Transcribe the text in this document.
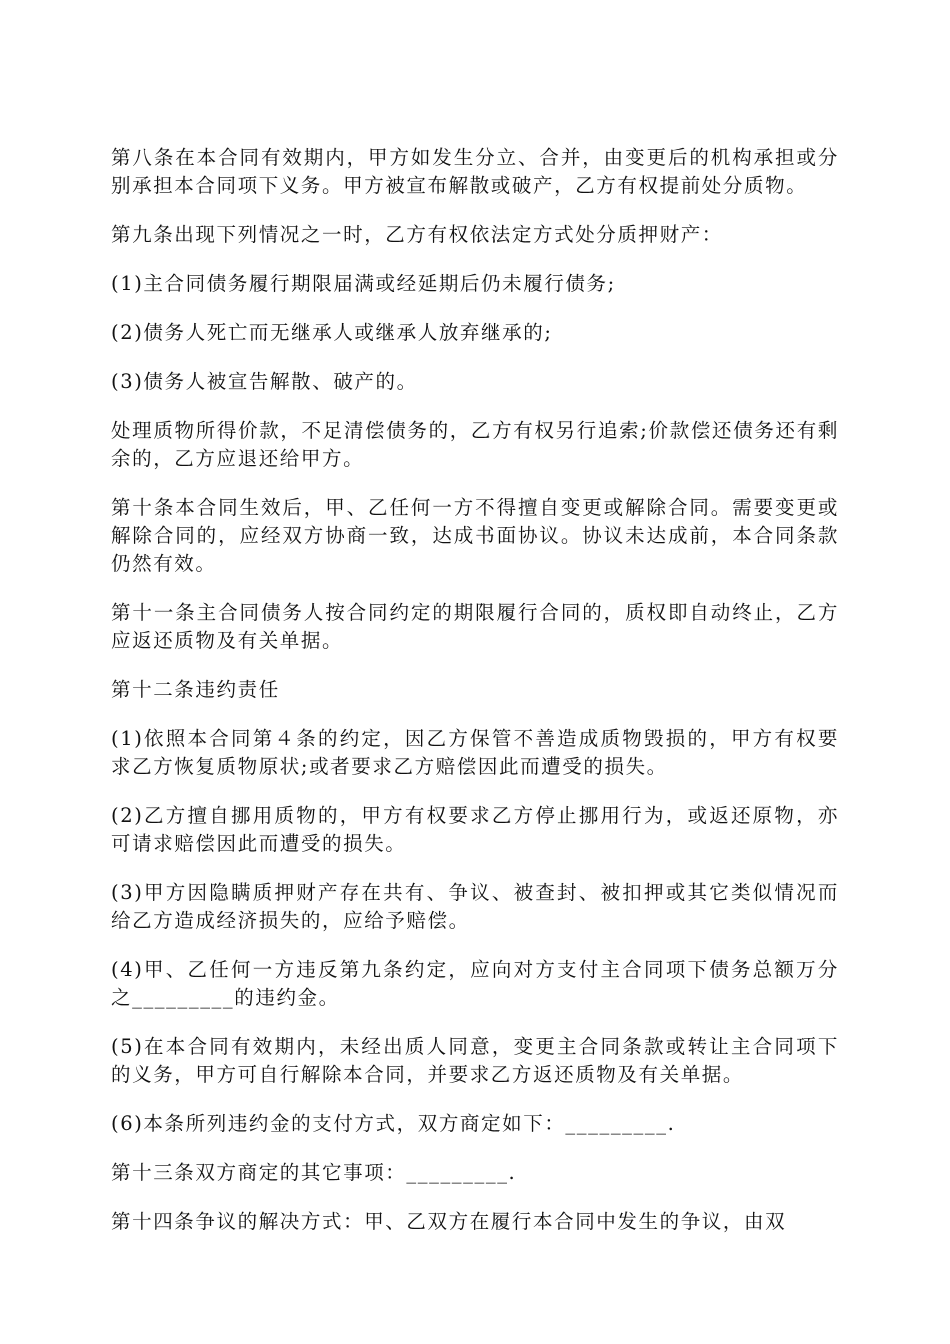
第八条在本合同有效期内，甲方如发生分立、合并，由变更后的机构承担或分别承担本合同项下义务。甲方被宣布解散或破产，乙方有权提前处分质物。

第九条出现下列情况之一时，乙方有权依法定方式处分质押财产：

(1)主合同债务履行期限届满或经延期后仍未履行债务;

(2)债务人死亡而无继承人或继承人放弃继承的;

(3)债务人被宣告解散、破产的。

处理质物所得价款，不足清偿债务的，乙方有权另行追索;价款偿还债务还有剩余的，乙方应退还给甲方。

第十条本合同生效后，甲、乙任何一方不得擅自变更或解除合同。需要变更或解除合同的，应经双方协商一致，达成书面协议。协议未达成前，本合同条款仍然有效。

第十一条主合同债务人按合同约定的期限履行合同的，质权即自动终止，乙方应返还质物及有关单据。

第十二条违约责任

(1)依照本合同第４条的约定，因乙方保管不善造成质物毁损的，甲方有权要求乙方恢复质物原状;或者要求乙方赔偿因此而遭受的损失。

(2)乙方擅自挪用质物的，甲方有权要求乙方停止挪用行为，或返还原物，亦可请求赔偿因此而遭受的损失。

(3)甲方因隐瞒质押财产存在共有、争议、被查封、被扣押或其它类似情况而给乙方造成经济损失的，应给予赔偿。

(4)甲、乙任何一方违反第九条约定，应向对方支付主合同项下债务总额万分之_________的违约金。

(5)在本合同有效期内，未经出质人同意，变更主合同条款或转让主合同项下的义务，甲方可自行解除本合同，并要求乙方返还质物及有关单据。

(6)本条所列违约金的支付方式，双方商定如下：_________.

第十三条双方商定的其它事项：_________.

第十四条争议的解决方式：甲、乙双方在履行本合同中发生的争议，由双
